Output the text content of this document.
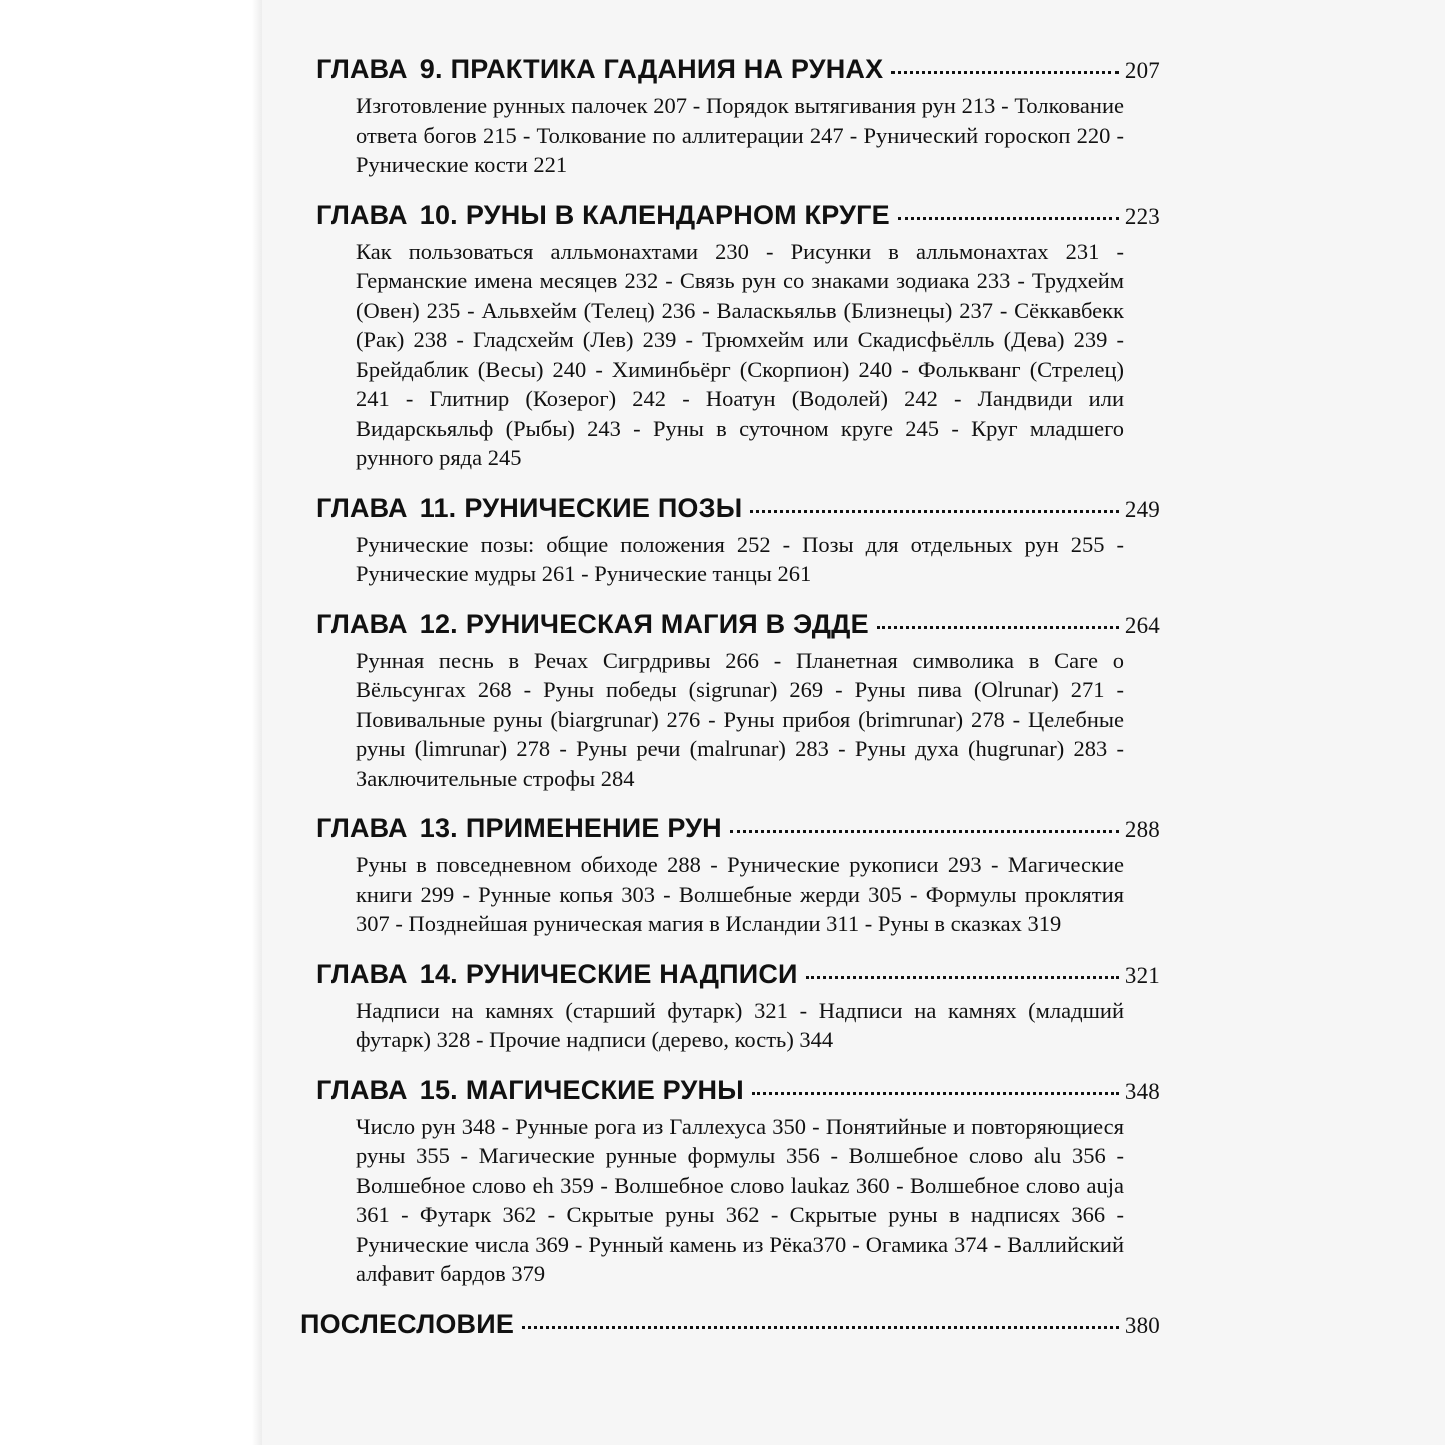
ГЛАВА 9. ПРАКТИКА ГАДАНИЯ НА РУНАХ	207
Изготовление рунных палочек 207 - Порядок вытягивания рун 213 - Толкование ответа богов 215 - Толкование по аллитерации 247 - Рунический гороскоп 220 - Рунические кости 221
ГЛАВА 10. РУНЫ В КАЛЕНДАРНОМ КРУГЕ	223
Как пользоваться алльмонахтами 230 - Рисунки в алльмонахтах 231 - Германские имена месяцев 232 - Связь рун со знаками зодиака 233 - Трудхейм (Овен) 235 - Альвхейм (Телец) 236 - Валаскьяльв (Близнецы) 237 - Сёккавбекк (Рак) 238 - Гладсхейм (Лев) 239 - Трюмхейм или Скадисфьёлль (Дева) 239 - Брейдаблик (Весы) 240 - Химинбьёрг (Скорпион) 240 - Фолькванг (Стрелец) 241 - Глитнир (Козерог) 242 - Ноатун (Водолей) 242 - Ландвиди или Видарскьяльф (Рыбы) 243 - Руны в суточном круге 245 - Круг младшего рунного ряда 245
ГЛАВА 11. РУНИЧЕСКИЕ ПОЗЫ	249
Рунические позы: общие положения 252 - Позы для отдельных рун 255 - Рунические мудры 261 - Рунические танцы 261
ГЛАВА 12. РУНИЧЕСКАЯ МАГИЯ В ЭДДЕ	264
Рунная песнь в Речах Сигрдривы 266 - Планетная символика в Саге о Вёльсунгах 268 - Руны победы (sigrunar) 269 - Руны пива (Olrunar) 271 - Повивальные руны (biargrunar) 276 - Руны прибоя (brimrunar) 278 - Целебные руны (limrunar) 278 - Руны речи (malrunar) 283 - Руны духа (hugrunar) 283 - Заключительные строфы 284
ГЛАВА 13. ПРИМЕНЕНИЕ РУН	288
Руны в повседневном обиходе 288 - Рунические рукописи 293 - Магические книги 299 - Рунные копья 303 - Волшебные жерди 305 - Формулы проклятия 307 - Позднейшая руническая магия в Исландии 311 - Руны в сказках 319
ГЛАВА 14. РУНИЧЕСКИЕ НАДПИСИ	321
Надписи на камнях (старший футарк) 321 - Надписи на камнях (младший футарк) 328 - Прочие надписи (дерево, кость) 344
ГЛАВА 15. МАГИЧЕСКИЕ РУНЫ	348
Число рун 348 - Рунные рога из Галлехуса 350 - Понятийные и повторяющиеся руны 355 - Магические рунные формулы 356 - Волшебное слово alu 356 - Волшебное слово eh 359 - Волшебное слово laukaz 360 - Волшебное слово auja 361 - Футарк 362 - Скрытые руны 362 - Скрытые руны в надписях 366 - Рунические числа 369 - Рунный камень из Рёка370 - Огамика 374 - Валлийский алфавит бардов 379
ПОСЛЕСЛОВИЕ	380
